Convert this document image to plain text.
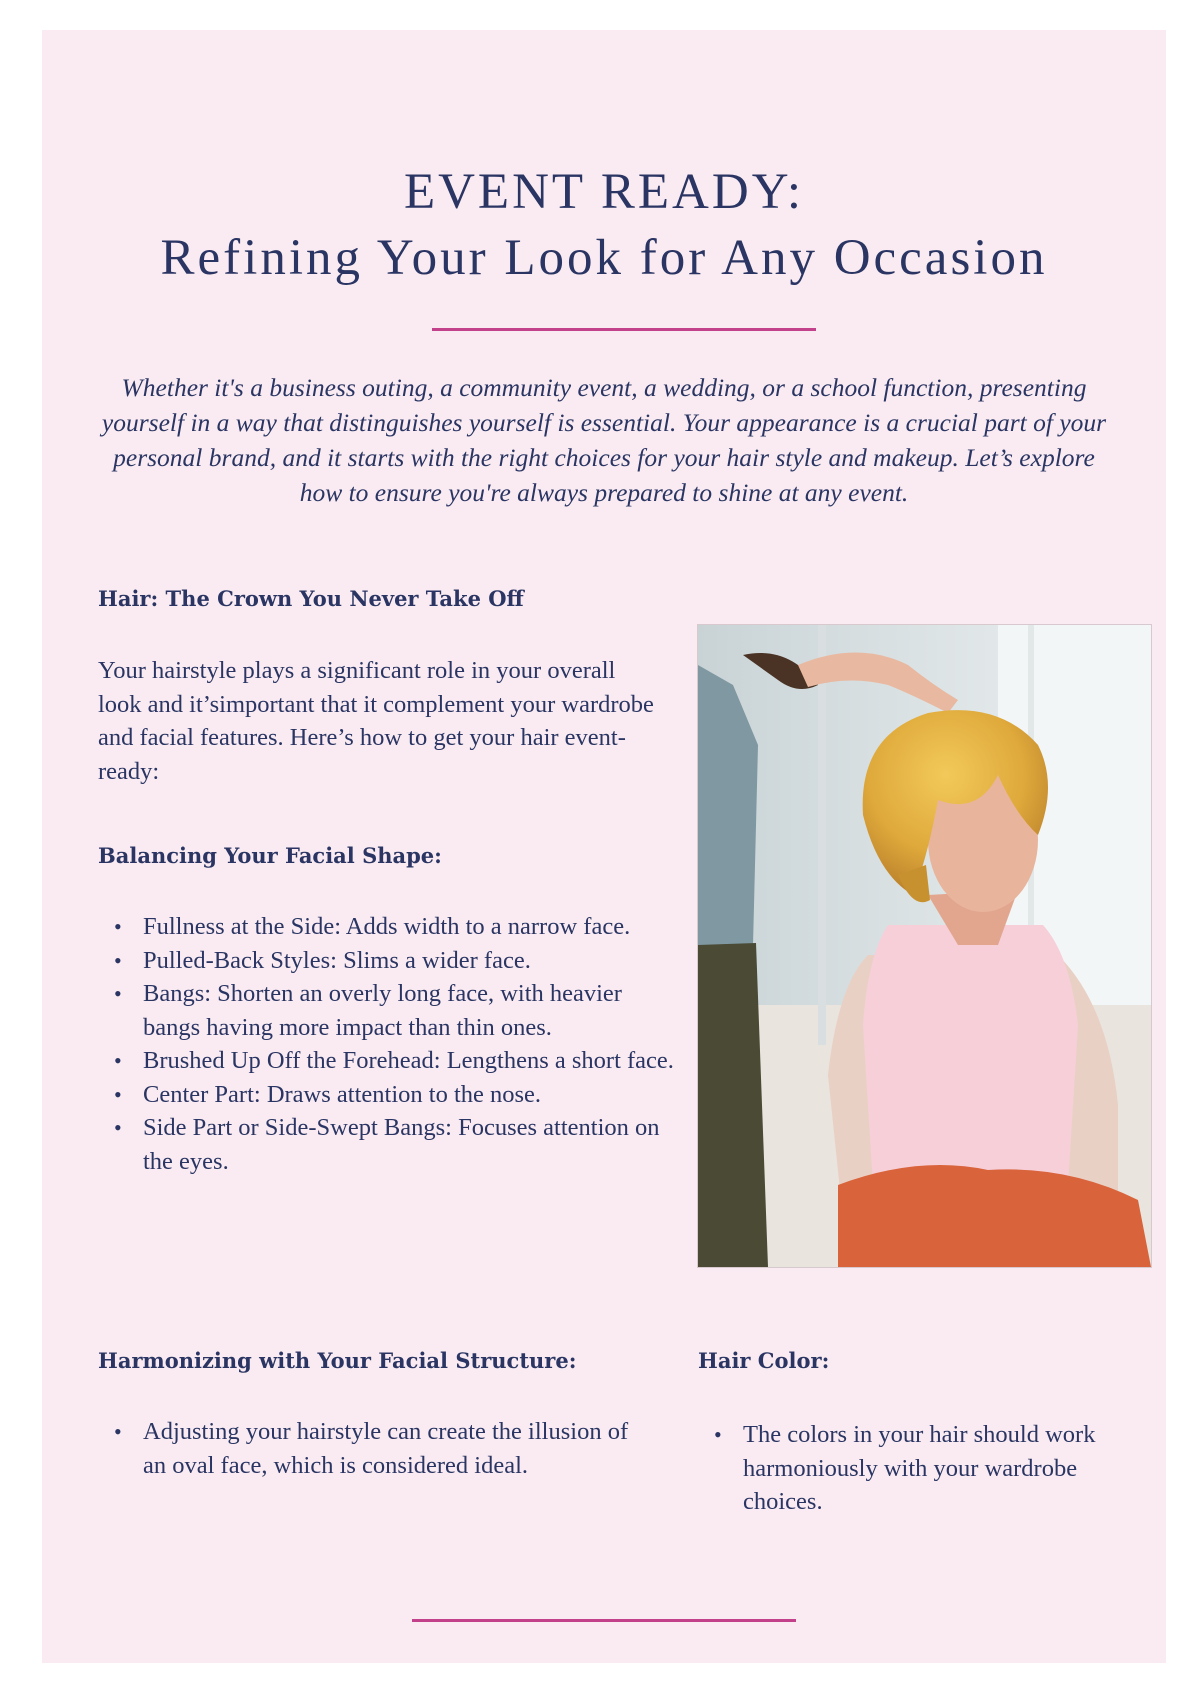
EVENT READY:
Refining Your Look for Any Occasion
Whether it's a business outing, a community event, a wedding, or a school function, presenting yourself in a way that distinguishes yourself is essential. Your appearance is a crucial part of your personal brand, and it starts with the right choices for your hair style and makeup. Let’s explore how to ensure you're always prepared to shine at any event.
Hair: The Crown You Never Take Off
Your hairstyle plays a significant role in your overall look and it’simportant that it complement your wardrobe and facial features. Here’s how to get your hair event-ready:
Balancing Your Facial Shape:
• Fullness at the Side: Adds width to a narrow face.
• Pulled-Back Styles: Slims a wider face.
• Bangs: Shorten an overly long face, with heavier bangs having more impact than thin ones.
• Brushed Up Off the Forehead: Lengthens a short face.
• Center Part: Draws attention to the nose.
• Side Part or Side-Swept Bangs: Focuses attention on the eyes.
Harmonizing with Your Facial Structure:
• Adjusting your hairstyle can create the illusion of an oval face, which is considered ideal.
Hair Color:
• The colors in your hair should work harmoniously with your wardrobe choices.
